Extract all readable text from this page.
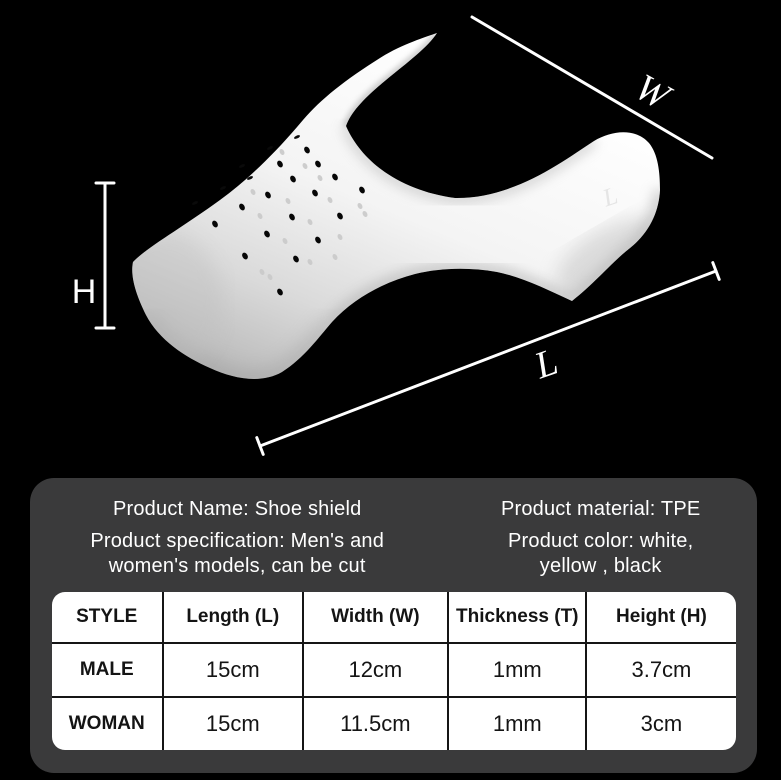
L
W
L
H
Product Name: Shoe shield
Product specification: Men's and
women's models, can be cut
Product material: TPE
Product color: white,
yellow , black
STYLE	Length (L)	Width (W)	Thickness (T)	Height (H)
MALE	15cm	12cm	1mm	3.7cm
WOMAN	15cm	11.5cm	1mm	3cm
